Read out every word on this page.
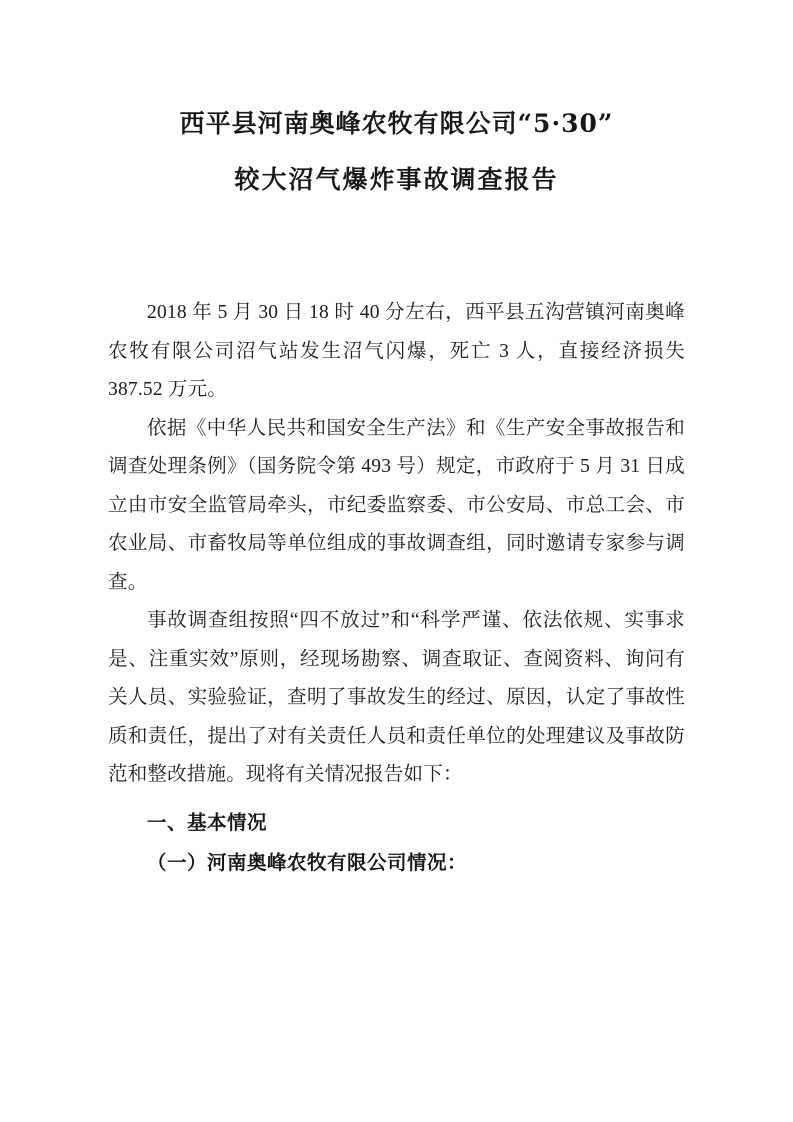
西平县河南奥峰农牧有限公司“5·30”
较大沼气爆炸事故调查报告

2018 年 5 月 30 日 18 时 40 分左右，西平县五沟营镇河南奥峰农牧有限公司沼气站发生沼气闪爆，死亡 3 人，直接经济损失 387.52 万元。

依据《中华人民共和国安全生产法》和《生产安全事故报告和调查处理条例》（国务院令第 493 号）规定，市政府于 5 月 31 日成立由市安全监管局牵头，市纪委监察委、市公安局、市总工会、市农业局、市畜牧局等单位组成的事故调查组，同时邀请专家参与调查。

事故调查组按照“四不放过”和“科学严谨、依法依规、实事求是、注重实效”原则，经现场勘察、调查取证、查阅资料、询问有关人员、实验验证，查明了事故发生的经过、原因，认定了事故性质和责任，提出了对有关责任人员和责任单位的处理建议及事故防范和整改措施。现将有关情况报告如下：

一、基本情况

（一）河南奥峰农牧有限公司情况：
